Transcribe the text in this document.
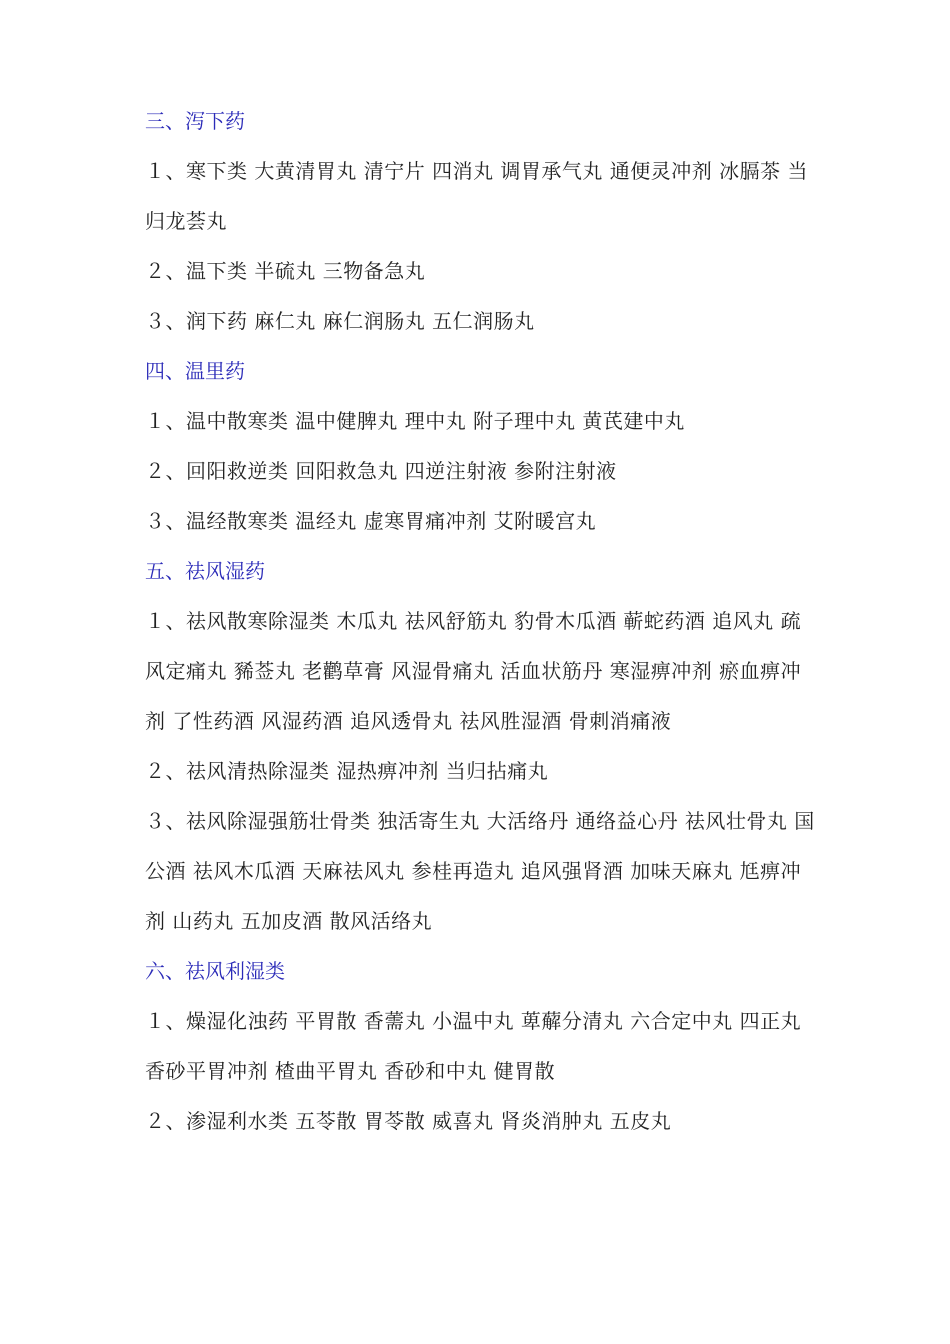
三、泻下药
１、寒下类 大黄清胃丸 清宁片 四消丸 调胃承气丸 通便灵冲剂 冰膈茶 当归龙荟丸
２、温下类 半硫丸 三物备急丸
３、润下药 麻仁丸 麻仁润肠丸 五仁润肠丸
四、温里药
１、温中散寒类 温中健脾丸 理中丸 附子理中丸 黄芪建中丸
２、回阳救逆类 回阳救急丸 四逆注射液 参附注射液
３、温经散寒类 温经丸 虚寒胃痛冲剂 艾附暖宫丸
五、祛风湿药
１、祛风散寒除湿类 木瓜丸 祛风舒筋丸 豹骨木瓜酒 蕲蛇药酒 追风丸 疏风定痛丸 豨莶丸 老鹳草膏 风湿骨痛丸 活血状筋丹 寒湿痹冲剂 瘀血痹冲剂 了性药酒 风湿药酒 追风透骨丸 祛风胜湿酒 骨刺消痛液
２、祛风清热除湿类 湿热痹冲剂 当归拈痛丸
３、祛风除湿强筋壮骨类 独活寄生丸 大活络丹 通络益心丹 祛风壮骨丸 国公酒 祛风木瓜酒 天麻祛风丸 参桂再造丸 追风强肾酒 加味天麻丸 尪痹冲剂 山药丸 五加皮酒 散风活络丸
六、祛风利湿类
１、燥湿化浊药 平胃散 香薷丸 小温中丸 萆薢分清丸 六合定中丸 四正丸 香砂平胃冲剂 楂曲平胃丸 香砂和中丸 健胃散
２、渗湿利水类 五苓散 胃苓散 威喜丸 肾炎消肿丸 五皮丸
